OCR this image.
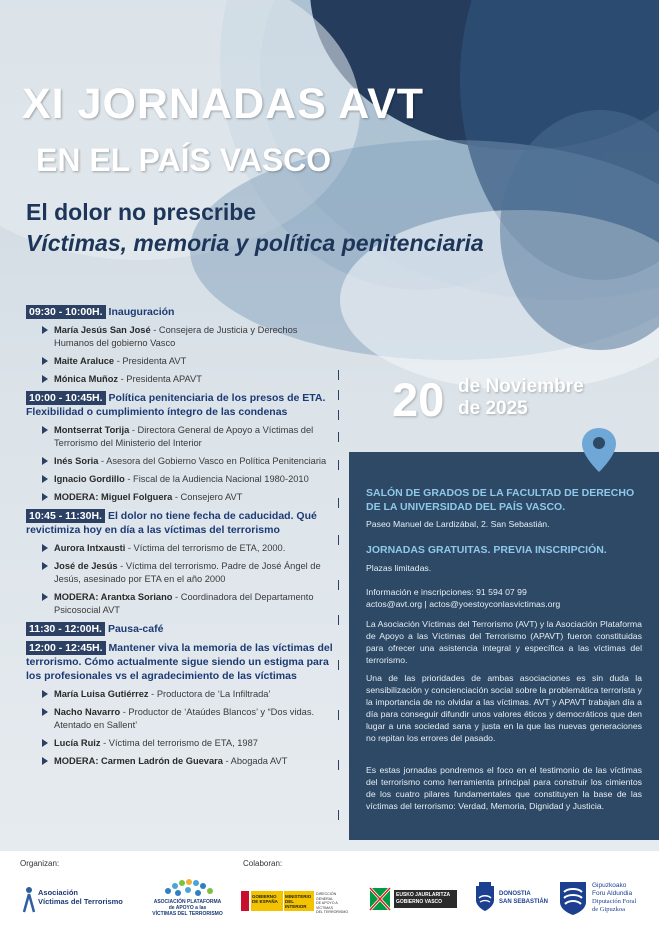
XI JORNADAS AVT
EN EL PAÍS VASCO
El dolor no prescribe
Víctimas, memoria y política penitenciaria
09:30 - 10:00H. Inauguración
María Jesús San José - Consejera de Justicia y Derechos Humanos del gobierno Vasco
Maite Araluce - Presidenta AVT
Mónica Muñoz - Presidenta APAVT
10:00 - 10:45H. Política penitenciaria de los presos de ETA. Flexibilidad o cumplimiento íntegro de las condenas
Montserrat Torija - Directora General de Apoyo a Víctimas del Terrorismo del Ministerio del Interior
Inés Soria - Asesora del Gobierno Vasco en Política Penitenciaria
Ignacio Gordillo - Fiscal de la Audiencia Nacional 1980-2010
MODERA: Miguel Folguera - Consejero AVT
10:45 - 11:30H. El dolor no tiene fecha de caducidad. Qué revictimiza hoy en día a las víctimas del terrorismo
Aurora Intxausti - Víctima del terrorismo de ETA, 2000.
José de Jesús - Víctima del terrorismo. Padre de José Ángel de Jesús, asesinado por ETA en el año 2000
MODERA: Arantxa Soriano - Coordinadora del Departamento Psicosocial AVT
11:30 - 12:00H. Pausa-café
12:00 - 12:45H. Mantener viva la memoria de las víctimas del terrorismo. Cómo actualmente sigue siendo un estigma para los profesionales vs el agradecimiento de las víctimas
María Luisa Gutiérrez - Productora de ‘La Infiltrada’
Nacho Navarro - Productor de ‘Ataúdes Blancos’ y “Dos vidas. Atentado en Sallent’
Lucía Ruiz - Víctima del terrorismo de ETA, 1987
MODERA: Carmen Ladrón de Guevara - Abogada AVT
20 de Noviembre
de 2025
SALÓN DE GRADOS DE LA FACULTAD DE DERECHO DE LA UNIVERSIDAD DEL PAÍS VASCO.
Paseo Manuel de Lardizábal, 2. San Sebastián.
JORNADAS GRATUITAS. PREVIA INSCRIPCIÓN.
Plazas limitadas.
Información e inscripciones: 91 594 07 99
actos@avt.org | actos@yoestoyconlasvictimas.org
La Asociación Víctimas del Terrorismo (AVT) y la Asociación Plataforma de Apoyo a las Víctimas del Terrorismo (APAVT) fueron constituidas para ofrecer una asistencia integral y específica a las víctimas del terrorismo.
Una de las prioridades de ambas asociaciones es sin duda la sensibilización y concienciación social sobre la problemática terrorista y la importancia de no olvidar a las víctimas. AVT y APAVT trabajan día a día para conseguir difundir unos valores éticos y democráticos que den lugar a una sociedad sana y justa en la que las nuevas generaciones no repitan los errores del pasado.
Es estas jornadas pondremos el foco en el testimonio de las víctimas del terrorismo como herramienta principal para construir los cimientos de los cuatro pilares fundamentales que constituyen la base de las víctimas del terrorismo: Verdad, Memoria, Dignidad y Justicia.
Organizan:	Colaboran:
Asociación
Víctimas del Terrorismo	ASOCIACIÓN PLATAFORMA
de APOYO a las
VÍCTIMAS DEL TERRORISMO
GOBIERNO
DE ESPAÑA
MINISTERIO
DEL INTERIOR
DIRECCIÓN GENERAL
DE APOYO A VÍCTIMAS
DEL TERRORISMO
EUSKO JAURLARITZA
GOBIERNO VASCO
DONOSTIA
SAN SEBASTIÁN
Gipuzkoako
Foru Aldundia
Diputación Foral
de Gipuzkoa
